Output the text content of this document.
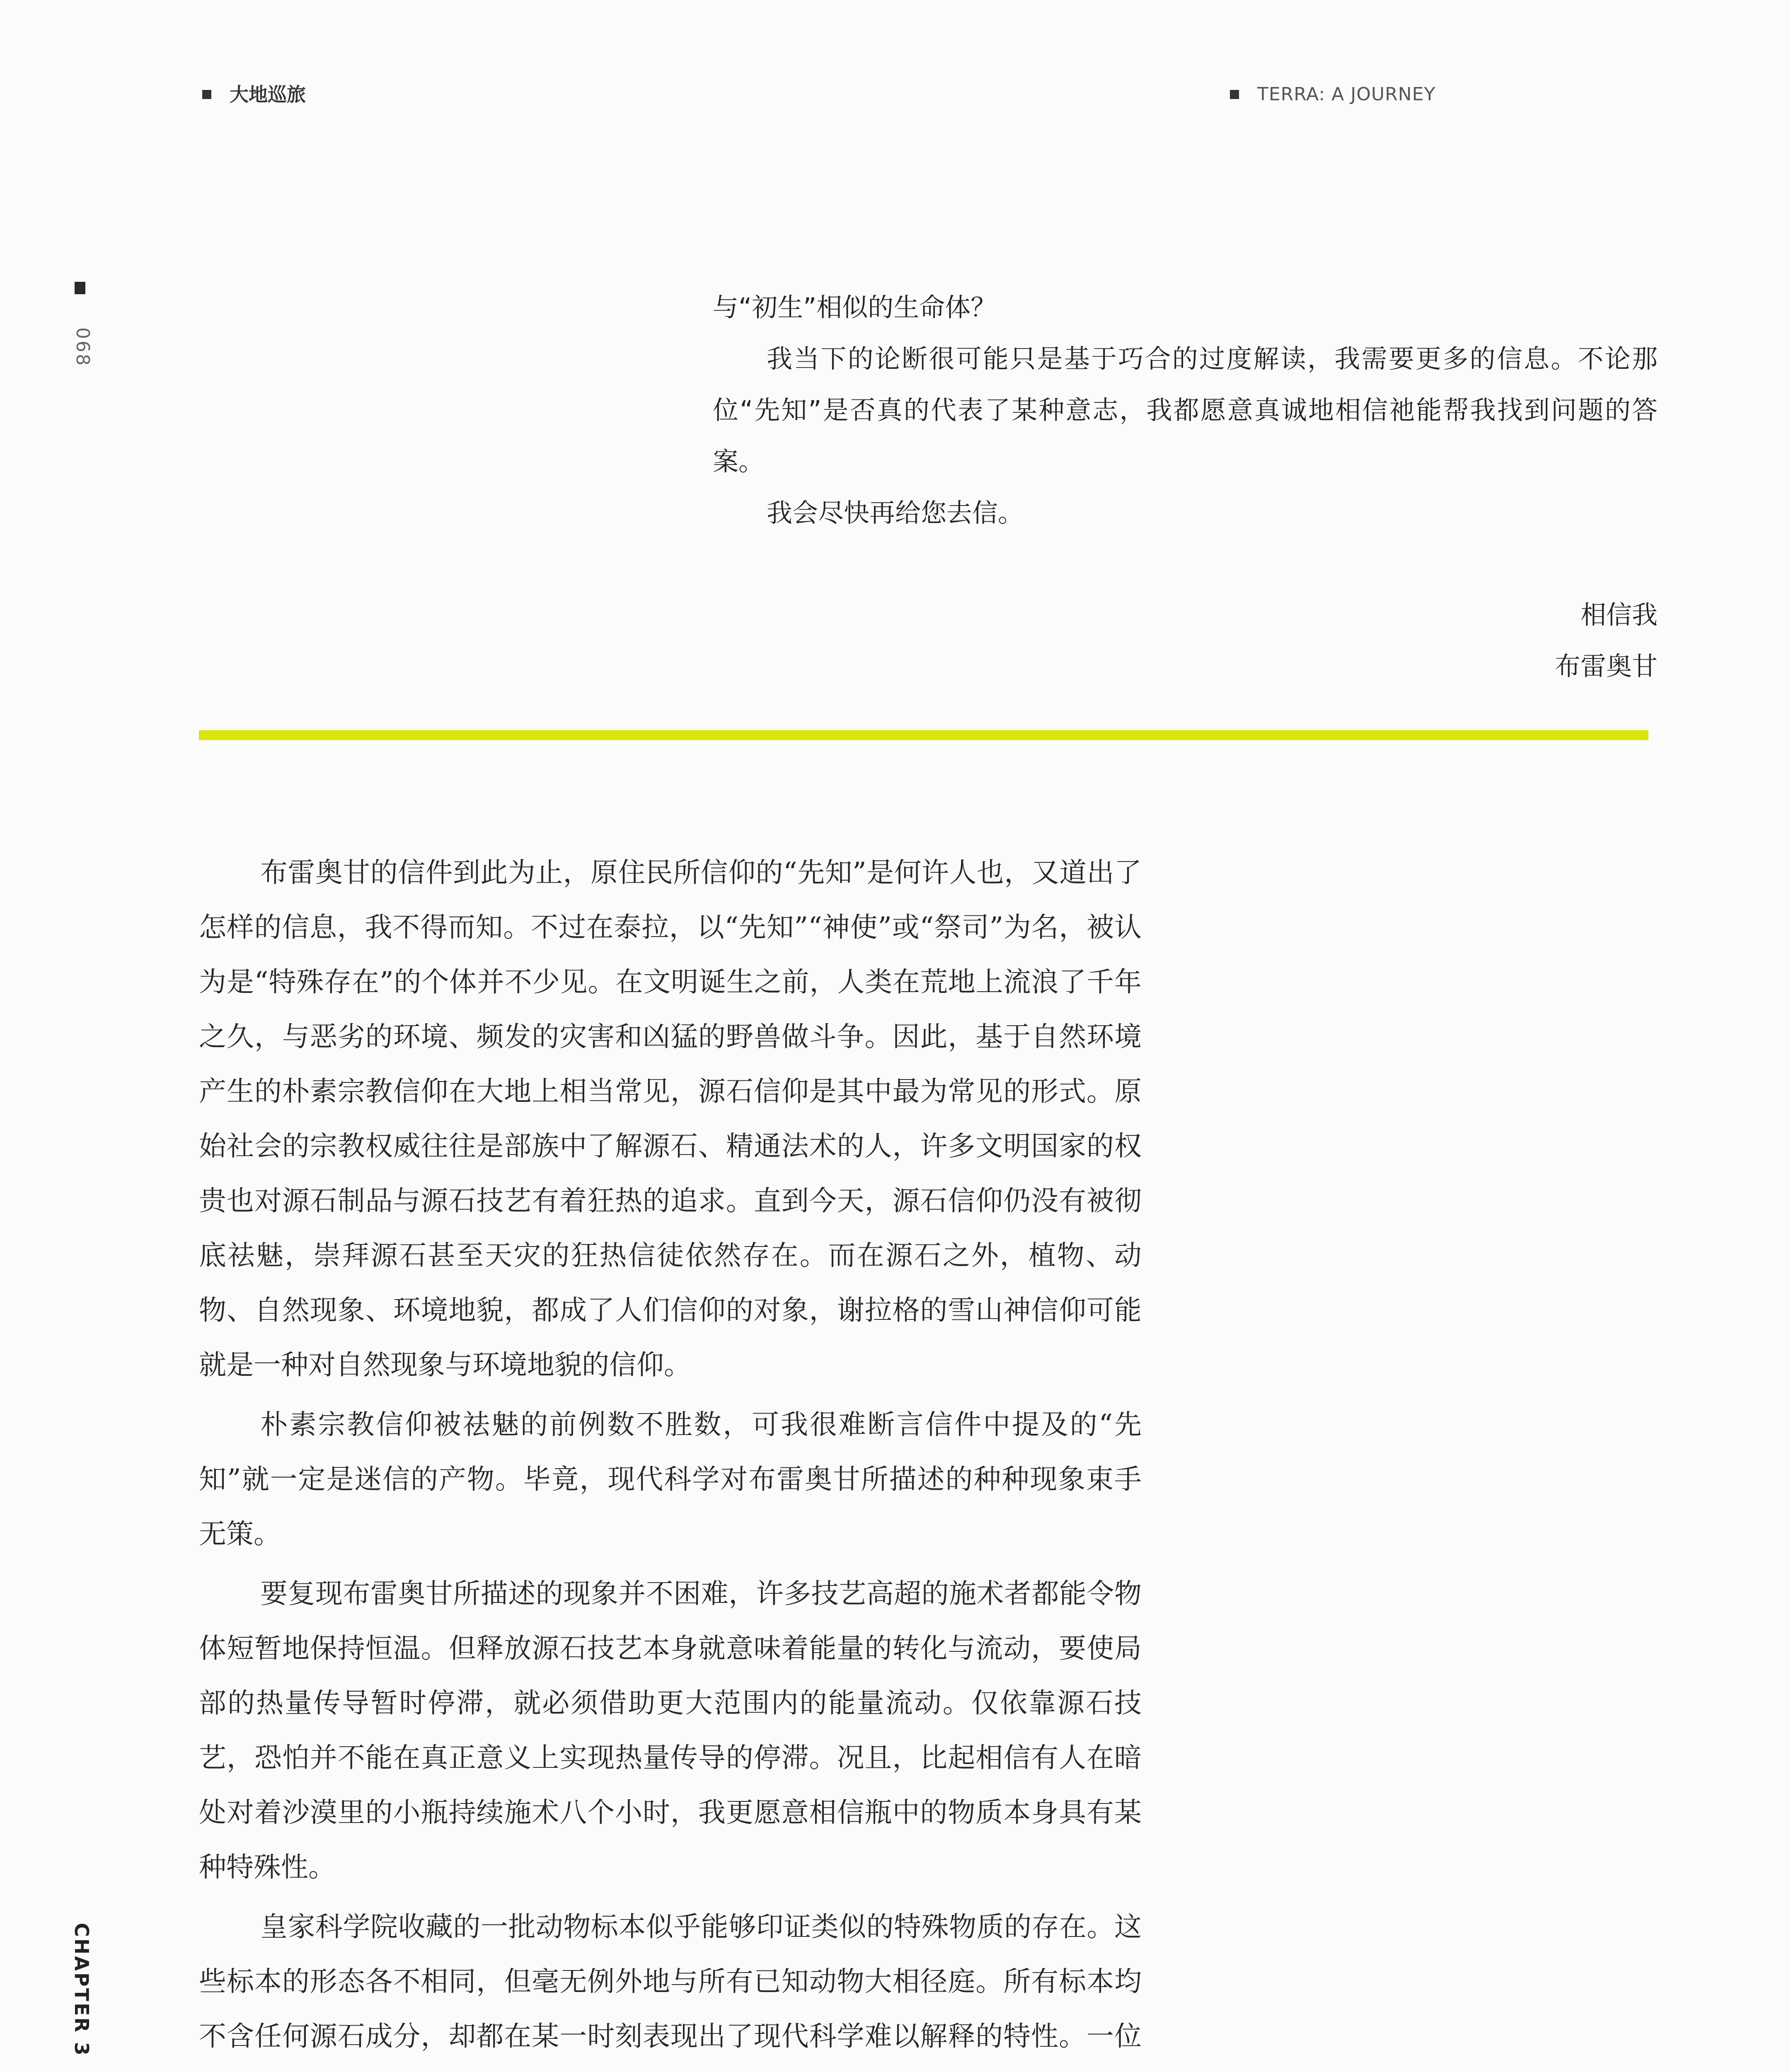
大地巡旅	TERRA: A JOURNEY
068

与“初生”相似的生命体？

我当下的论断很可能只是基于巧合的过度解读，我需要更多的信息。不论那位“先知”是否真的代表了某种意志，我都愿意真诚地相信祂能帮我找到问题的答案。

我会尽快再给您去信。

相信我
布雷奥甘

布雷奥甘的信件到此为止，原住民所信仰的“先知”是何许人也，又道出了怎样的信息，我不得而知。不过在泰拉，以“先知”“神使”或“祭司”为名，被认为是“特殊存在”的个体并不少见。在文明诞生之前，人类在荒地上流浪了千年之久，与恶劣的环境、频发的灾害和凶猛的野兽做斗争。因此，基于自然环境产生的朴素宗教信仰在大地上相当常见，源石信仰是其中最为常见的形式。原始社会的宗教权威往往是部族中了解源石、精通法术的人，许多文明国家的权贵也对源石制品与源石技艺有着狂热的追求。直到今天，源石信仰仍没有被彻底祛魅，崇拜源石甚至天灾的狂热信徒依然存在。而在源石之外，植物、动物、自然现象、环境地貌，都成了人们信仰的对象，谢拉格的雪山神信仰可能就是一种对自然现象与环境地貌的信仰。

朴素宗教信仰被祛魅的前例数不胜数，可我很难断言信件中提及的“先知”就一定是迷信的产物。毕竟，现代科学对布雷奥甘所描述的种种现象束手无策。

要复现布雷奥甘所描述的现象并不困难，许多技艺高超的施术者都能令物体短暂地保持恒温。但释放源石技艺本身就意味着能量的转化与流动，要使局部的热量传导暂时停滞，就必须借助更大范围内的能量流动。仅依靠源石技艺，恐怕并不能在真正意义上实现热量传导的停滞。况且，比起相信有人在暗处对着沙漠里的小瓶持续施术八个小时，我更愿意相信瓶中的物质本身具有某种特殊性。

皇家科学院收藏的一批动物标本似乎能够印证类似的特殊物质的存在。这些标本的形态各不相同，但毫无例外地与所有已知动物大相径庭。所有标本均不含任何源石成分，却都在某一时刻表现出了现代科学难以解释的特性。一位

CHAPTER 3
